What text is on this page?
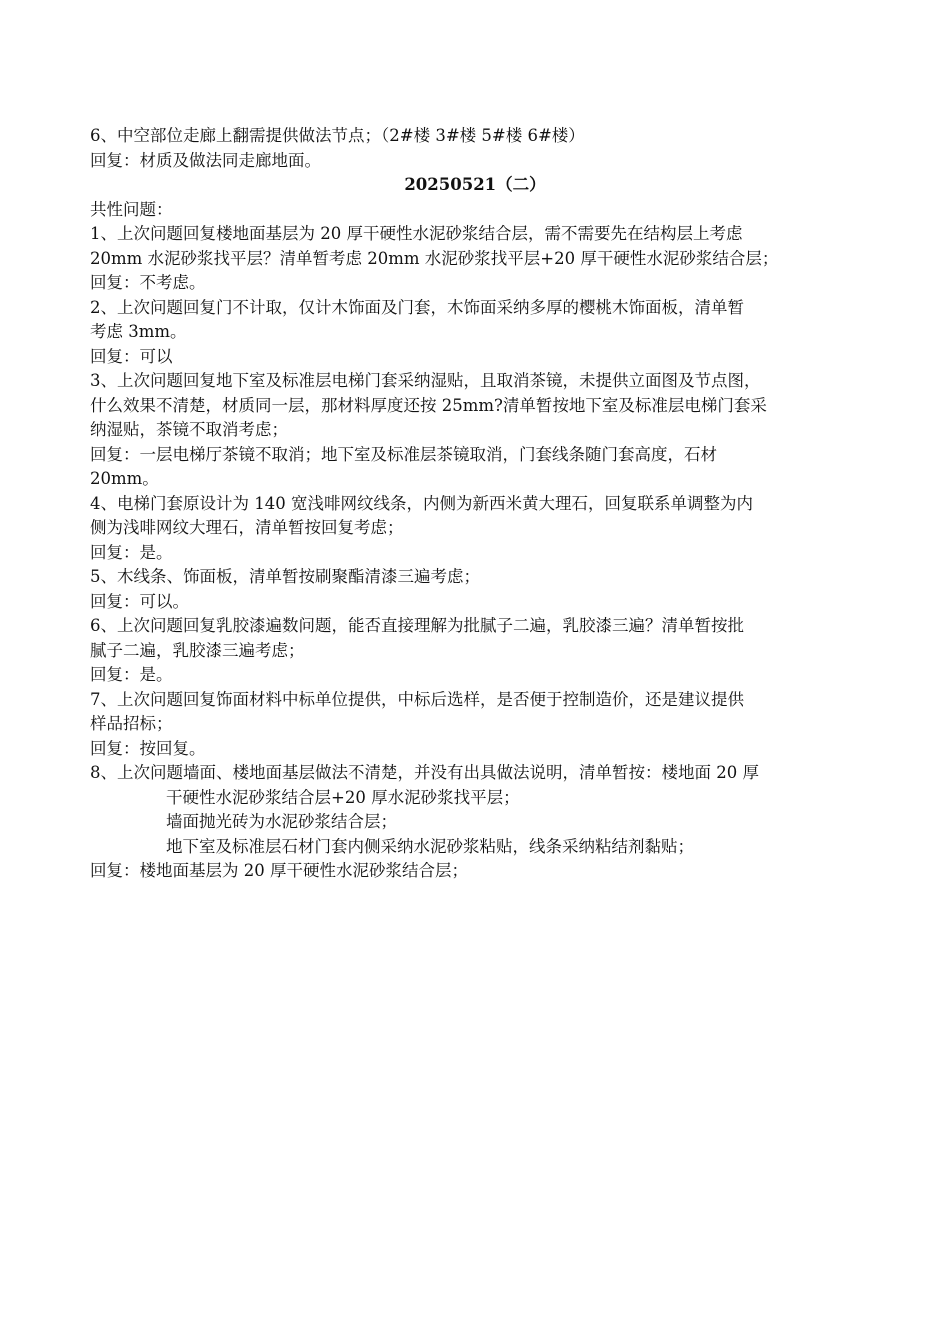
6、中空部位走廊上翻需提供做法节点；（2#楼 3#楼 5#楼 6#楼）
回复：材质及做法同走廊地面。
20250521（二）
共性问题：
1、上次问题回复楼地面基层为 20 厚干硬性水泥砂浆结合层，需不需要先在结构层上考虑
20mm 水泥砂浆找平层？清单暂考虑 20mm 水泥砂浆找平层+20 厚干硬性水泥砂浆结合层；
回复：不考虑。
2、上次问题回复门不计取，仅计木饰面及门套，木饰面采纳多厚的樱桃木饰面板，清单暂
考虑 3mm。
回复：可以
3、上次问题回复地下室及标准层电梯门套采纳湿贴，且取消茶镜，未提供立面图及节点图，
什么效果不清楚，材质同一层，那材料厚度还按 25mm?清单暂按地下室及标准层电梯门套采
纳湿贴，茶镜不取消考虑；
回复：一层电梯厅茶镜不取消；地下室及标准层茶镜取消，门套线条随门套高度，石材
20mm。
4、电梯门套原设计为 140 宽浅啡网纹线条，内侧为新西米黄大理石，回复联系单调整为内
侧为浅啡网纹大理石，清单暂按回复考虑；
回复：是。
5、木线条、饰面板，清单暂按刷聚酯清漆三遍考虑；
回复：可以。
6、上次问题回复乳胶漆遍数问题，能否直接理解为批腻子二遍，乳胶漆三遍？清单暂按批
腻子二遍，乳胶漆三遍考虑；
回复：是。
7、上次问题回复饰面材料中标单位提供，中标后选样，是否便于控制造价，还是建议提供
样品招标；
回复：按回复。
8、上次问题墙面、楼地面基层做法不清楚，并没有出具做法说明，清单暂按：楼地面 20 厚
干硬性水泥砂浆结合层+20 厚水泥砂浆找平层；
墙面抛光砖为水泥砂浆结合层；
地下室及标准层石材门套内侧采纳水泥砂浆粘贴，线条采纳粘结剂黏贴；
回复：楼地面基层为 20 厚干硬性水泥砂浆结合层；
